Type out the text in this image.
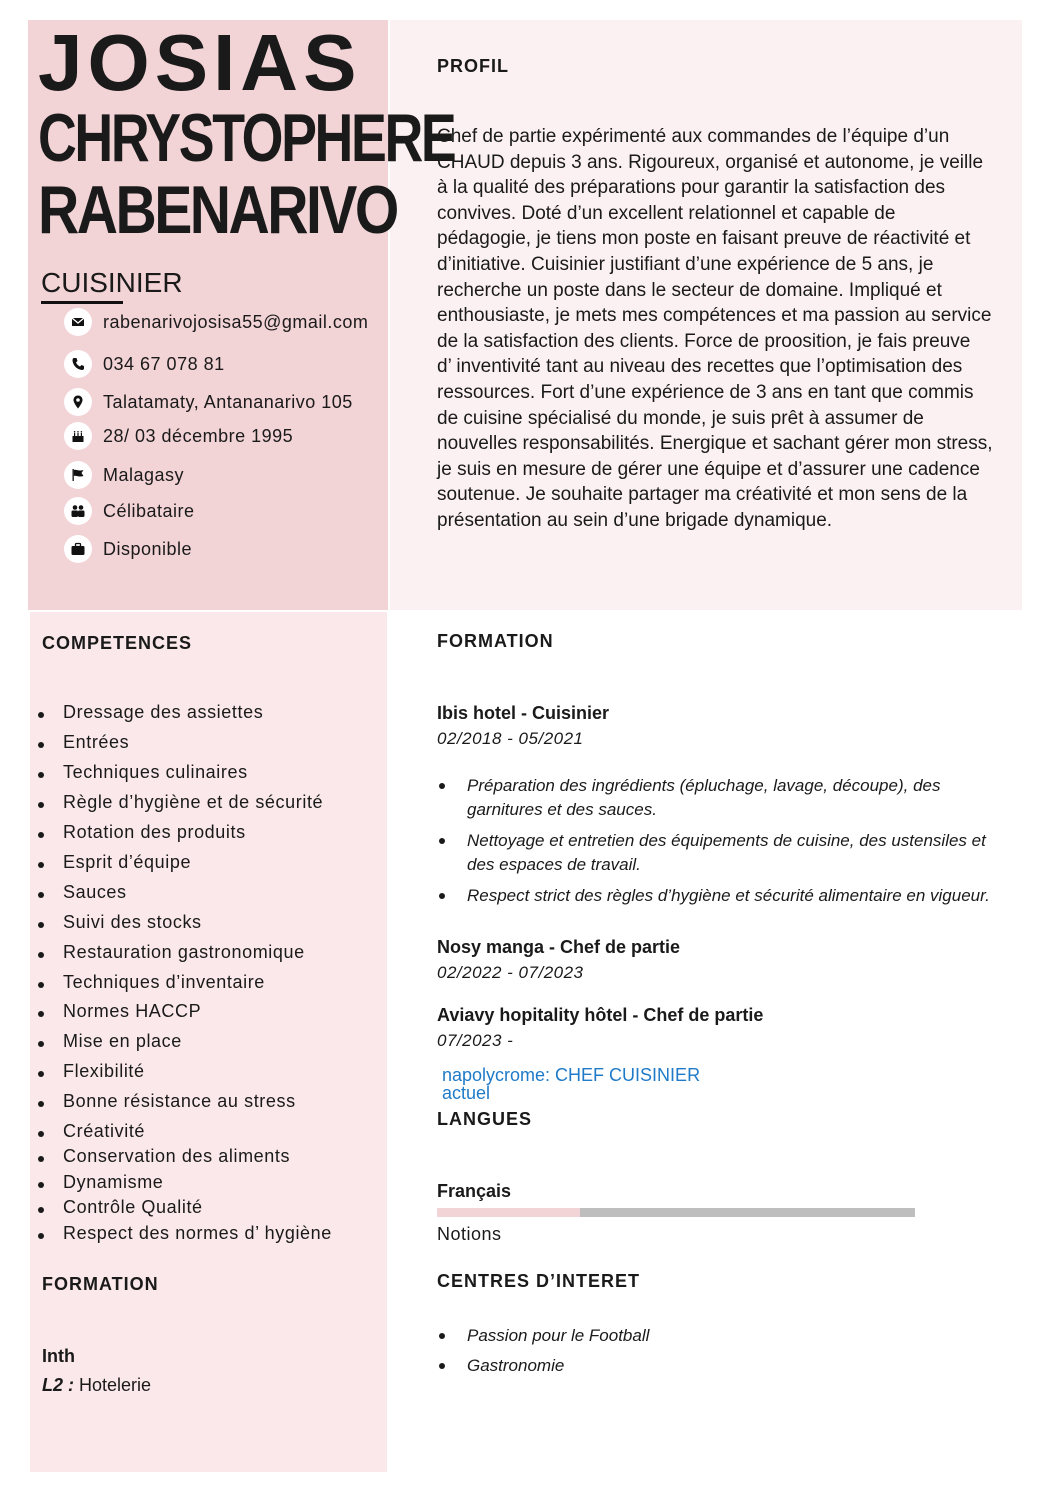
JOSIAS
CHRYSTOPHERE
RABENARIVO
CUISINIER
rabenarivojosisa55@gmail.com
034 67 078 81
Talatamaty, Antananarivo 105
28/ 03 décembre 1995
Malagasy
Célibataire
Disponible
PROFIL
Chef de partie expérimenté aux commandes de l’équipe d’un
CHAUD depuis 3 ans. Rigoureux, organisé et autonome, je veille
à la qualité des préparations pour garantir la satisfaction des
convives. Doté d’un excellent relationnel et capable de
pédagogie, je tiens mon poste en faisant preuve de réactivité et
d’initiative. Cuisinier justifiant d’une expérience de 5 ans, je
recherche un poste dans le secteur de domaine. Impliqué et
enthousiaste, je mets mes compétences et ma passion au service
de la satisfaction des clients. Force de proosition, je fais preuve
d’ inventivité tant au niveau des recettes que l’optimisation des
ressources. Fort d’une expérience de 3 ans en tant que commis
de cuisine spécialisé du monde, je suis prêt à assumer de
nouvelles responsabilités. Energique et sachant gérer mon stress,
je suis en mesure de gérer une équipe et d’assurer une cadence
soutenue. Je souhaite partager ma créativité et mon sens de la
présentation au sein d’une brigade dynamique.
COMPETENCES
Dressage des assiettes
Entrées
Techniques culinaires
Règle d’hygiène et de sécurité
Rotation des produits
Esprit d’équipe
Sauces
Suivi des stocks
Restauration gastronomique
Techniques d’inventaire
Normes HACCP
Mise en place
Flexibilité
Bonne résistance au stress
Créativité
Conservation des aliments
Dynamisme
Contrôle Qualité
Respect des normes d’ hygiène
FORMATION
Inth
L2 : Hotelerie
FORMATION
Ibis hotel - Cuisinier
02/2018 - 05/2021
Préparation des ingrédients (épluchage, lavage, découpe), des garnitures et des sauces.
Nettoyage et entretien des équipements de cuisine, des ustensiles et des espaces de travail.
Respect strict des règles d’hygiène et sécurité alimentaire en vigueur.
Nosy manga - Chef de partie
02/2022 - 07/2023
Aviavy hopitality hôtel - Chef de partie
07/2023 -
napolycrome: CHEF CUISINIER
actuel
LANGUES
Français
Notions
CENTRES D’INTERET
Passion pour le Football
Gastronomie
